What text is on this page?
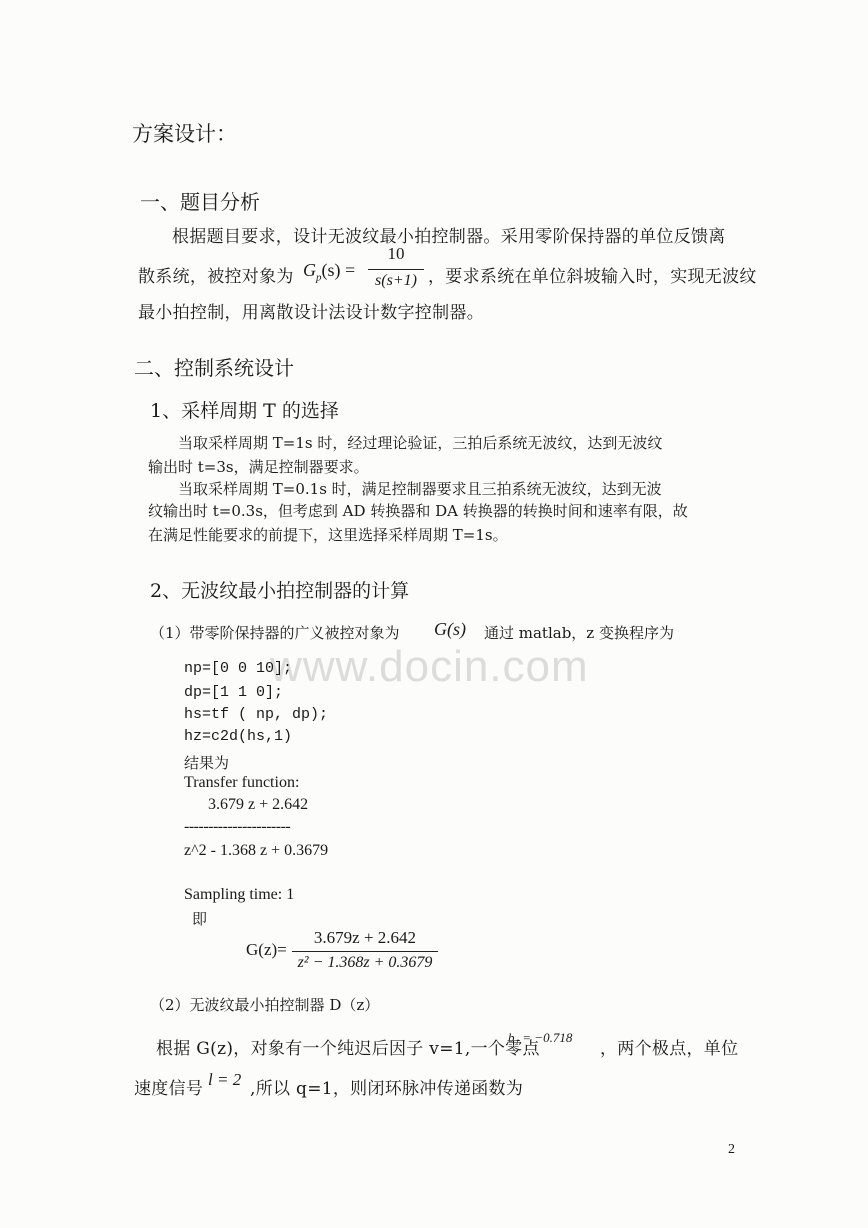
www.docin.com
方案设计：
一、题目分析
根据题目要求，设计无波纹最小拍控制器。采用零阶保持器的单位反馈离
散系统，被控对象为 $G_p(s)$ =
10
s(s+1) ，要求系统在单位斜坡输入时，实现无波纹
最小拍控制，用离散设计法设计数字控制器。
二、控制系统设计
1、采样周期 T 的选择
当取采样周期 T=1s 时，经过理论验证，三拍后系统无波纹，达到无波纹
输出时 t=3s，满足控制器要求。
当取采样周期 T=0.1s 时，满足控制器要求且三拍系统无波纹，达到无波
纹输出时 t=0.3s，但考虑到 AD 转换器和 DA 转换器的转换时间和速率有限，故
在满足性能要求的前提下，这里选择采样周期 T=1s。
2、无波纹最小拍控制器的计算
（1）带零阶保持器的广义被控对象为 G(s) 通过 matlab，z 变换程序为
np=[0 0 10];
dp=[1 1 0];
hs=tf ( np, dp);
hz=c2d(hs,1)
结果为
Transfer function:
3.679 z + 2.642
----------------------
z^2 - 1.368 z + 0.3679
Sampling time: 1
即
G(z)=
3.679z + 2.642
z² − 1.368z + 0.3679
（2）无波纹最小拍控制器 D（z）
根据 G(z)，对象有一个纯迟后因子 v=1,一个零点
b₁ = −0.718
，两个极点，单位
速度信号 l = 2 ,所以 q=1，则闭环脉冲传递函数为
2
